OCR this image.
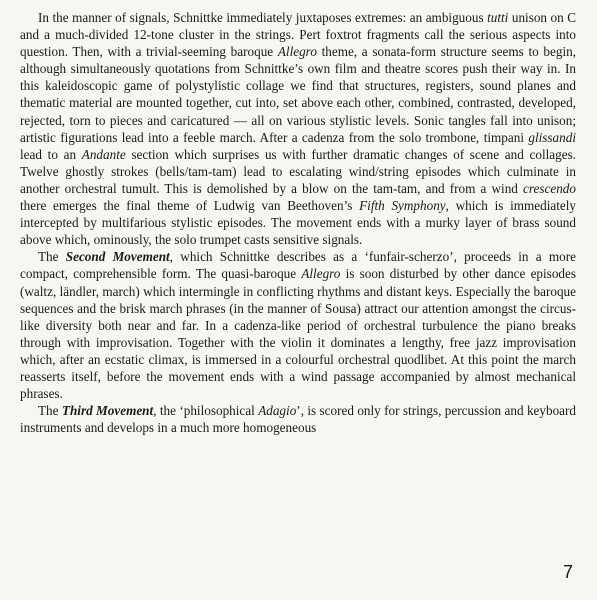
In the manner of signals, Schnittke immediately juxtaposes extremes: an ambiguous tutti unison on C and a much-divided 12-tone cluster in the strings. Pert foxtrot fragments call the serious aspects into question. Then, with a trivial-seeming baroque Allegro theme, a sonata-form structure seems to begin, although simultaneously quotations from Schnittke’s own film and theatre scores push their way in. In this kaleidoscopic game of polystylistic collage we find that structures, registers, sound planes and thematic material are mounted together, cut into, set above each other, combined, contrasted, developed, rejected, torn to pieces and caricatured — all on various stylistic levels. Sonic tangles fall into unison; artistic figurations lead into a feeble march. After a cadenza from the solo trombone, timpani glissandi lead to an Andante section which surprises us with further dramatic changes of scene and collages. Twelve ghostly strokes (bells/tam-tam) lead to escalating wind/string episodes which culminate in another orchestral tumult. This is demolished by a blow on the tam-tam, and from a wind crescendo there emerges the final theme of Ludwig van Beethoven’s Fifth Symphony, which is immediately intercepted by multifarious stylistic episodes. The movement ends with a murky layer of brass sound above which, ominously, the solo trumpet casts sensitive signals.

The Second Movement, which Schnittke describes as a ‘funfair-scherzo’, proceeds in a more compact, comprehensible form. The quasi-baroque Allegro is soon disturbed by other dance episodes (waltz, ländler, march) which intermingle in conflicting rhythms and distant keys. Especially the baroque sequences and the brisk march phrases (in the manner of Sousa) attract our attention amongst the circus-like diversity both near and far. In a cadenza-like period of orchestral turbulence the piano breaks through with improvisation. Together with the violin it dominates a lengthy, free jazz improvisation which, after an ecstatic climax, is immersed in a colourful orchestral quodlibet. At this point the march reasserts itself, before the movement ends with a wind passage accompanied by almost mechanical phrases.

The Third Movement, the ‘philosophical Adagio’, is scored only for strings, percussion and keyboard instruments and develops in a much more homogeneous

7
